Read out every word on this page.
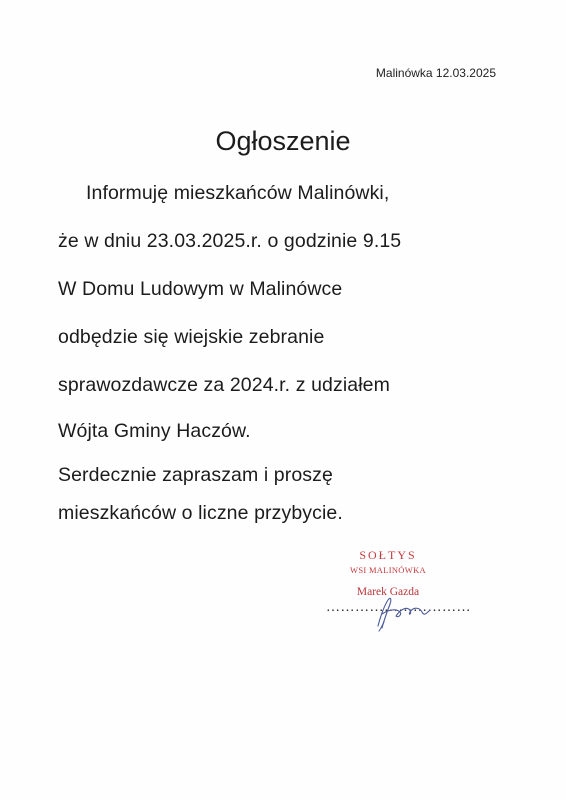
Malinówka 12.03.2025
Ogłoszenie
Informuję mieszkańców Malinówki,
że w dniu 23.03.2025.r. o godzinie 9.15
W Domu Ludowym w Malinówce
odbędzie się wiejskie zebranie
sprawozdawcze za 2024.r. z udziałem
Wójta Gminy Haczów.
Serdecznie zapraszam i proszę
mieszkańców o liczne przybycie.
SOŁTYS
WSI MALINÓWKA
Marek Gazda
…………………………
